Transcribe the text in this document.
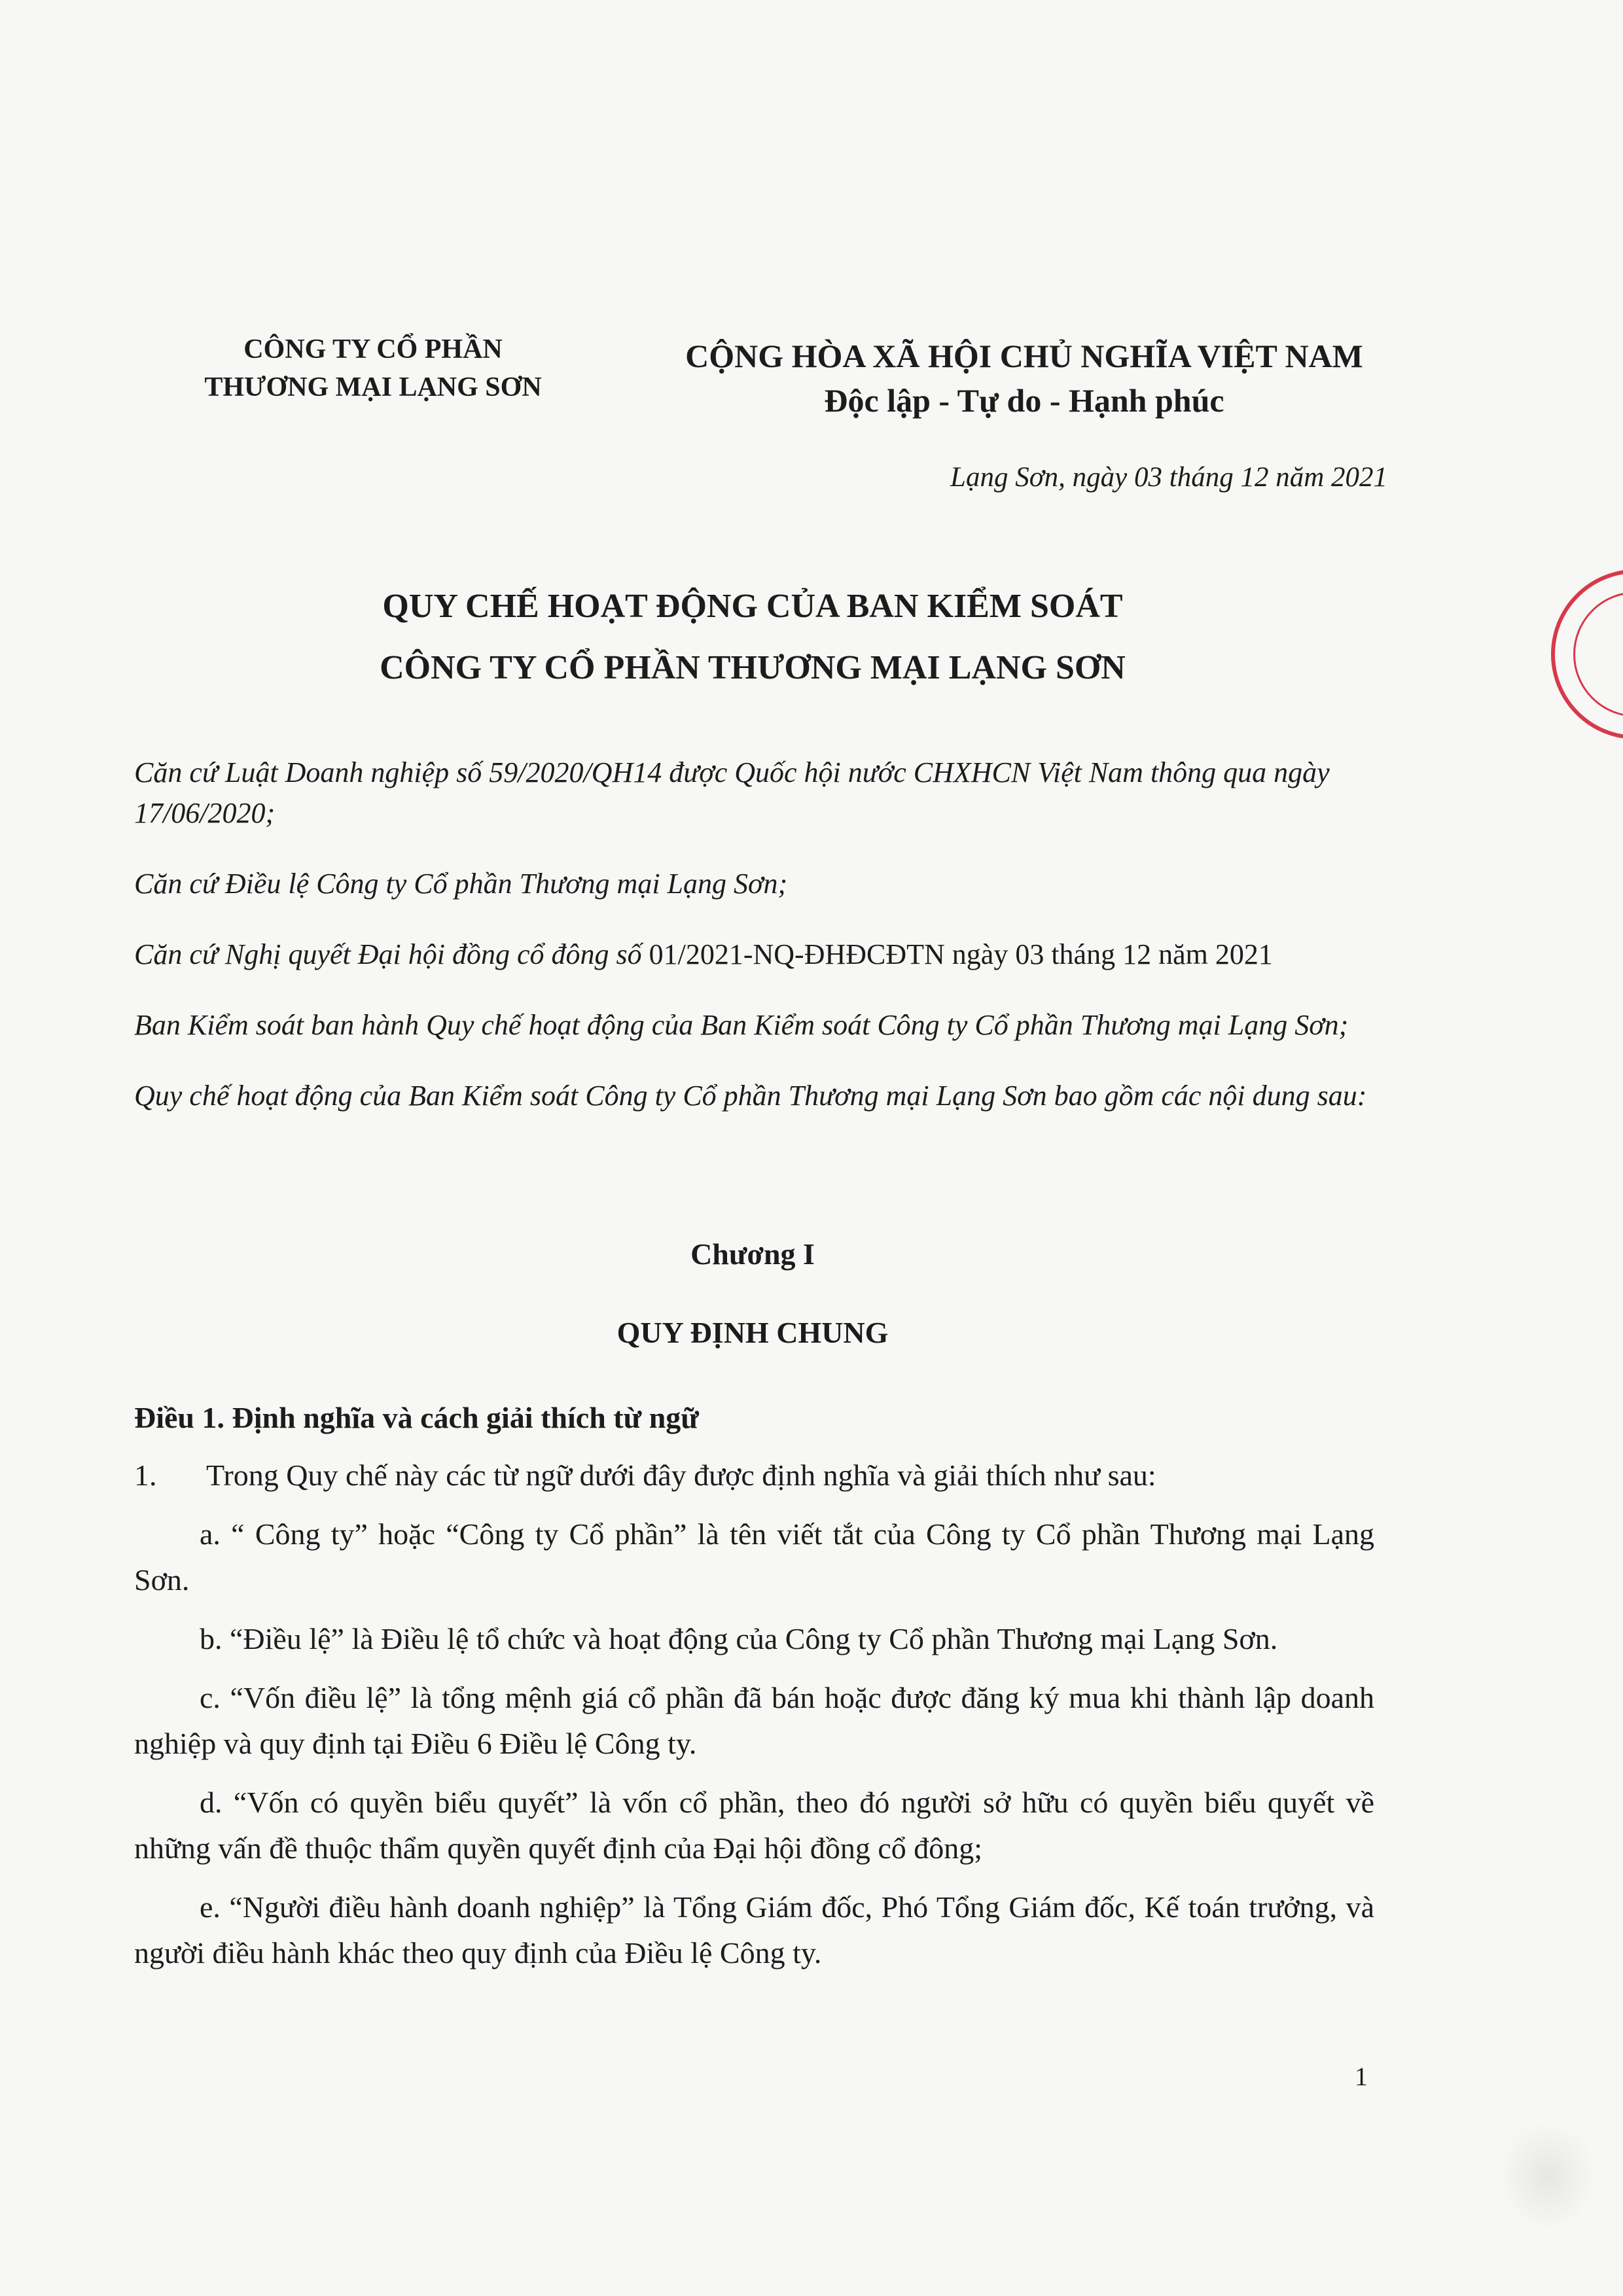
CÔNG TY CỔ PHẦN
THƯƠNG MẠI LẠNG SƠN
CỘNG HÒA XÃ HỘI CHỦ NGHĨA VIỆT NAM
Độc lập - Tự do - Hạnh phúc
Lạng Sơn, ngày 03 tháng 12 năm 2021
QUY CHẾ HOẠT ĐỘNG CỦA BAN KIỂM SOÁT
CÔNG TY CỔ PHẦN THƯƠNG MẠI LẠNG SƠN

Căn cứ Luật Doanh nghiệp số 59/2020/QH14 được Quốc hội nước CHXHCN Việt Nam thông qua ngày 17/06/2020;

Căn cứ Điều lệ Công ty Cổ phần Thương mại Lạng Sơn;

Căn cứ Nghị quyết Đại hội đồng cổ đông số 01/2021-NQ-ĐHĐCĐTN ngày 03 tháng 12 năm 2021

Ban Kiểm soát ban hành Quy chế hoạt động của Ban Kiểm soát Công ty Cổ phần Thương mại Lạng Sơn;

Quy chế hoạt động của Ban Kiểm soát Công ty Cổ phần Thương mại Lạng Sơn bao gồm các nội dung sau:

Chương I
QUY ĐỊNH CHUNG
Điều 1. Định nghĩa và cách giải thích từ ngữ

1. Trong Quy chế này các từ ngữ dưới đây được định nghĩa và giải thích như sau:

a. “ Công ty” hoặc “Công ty Cổ phần” là tên viết tắt của Công ty Cổ phần Thương mại Lạng Sơn.

b. “Điều lệ” là Điều lệ tổ chức và hoạt động của Công ty Cổ phần Thương mại Lạng Sơn.

c. “Vốn điều lệ” là tổng mệnh giá cổ phần đã bán hoặc được đăng ký mua khi thành lập doanh nghiệp và quy định tại Điều 6 Điều lệ Công ty.

d. “Vốn có quyền biểu quyết” là vốn cổ phần, theo đó người sở hữu có quyền biểu quyết về những vấn đề thuộc thẩm quyền quyết định của Đại hội đồng cổ đông;

e. “Người điều hành doanh nghiệp” là Tổng Giám đốc, Phó Tổng Giám đốc, Kế toán trưởng, và người điều hành khác theo quy định của Điều lệ Công ty.

1
